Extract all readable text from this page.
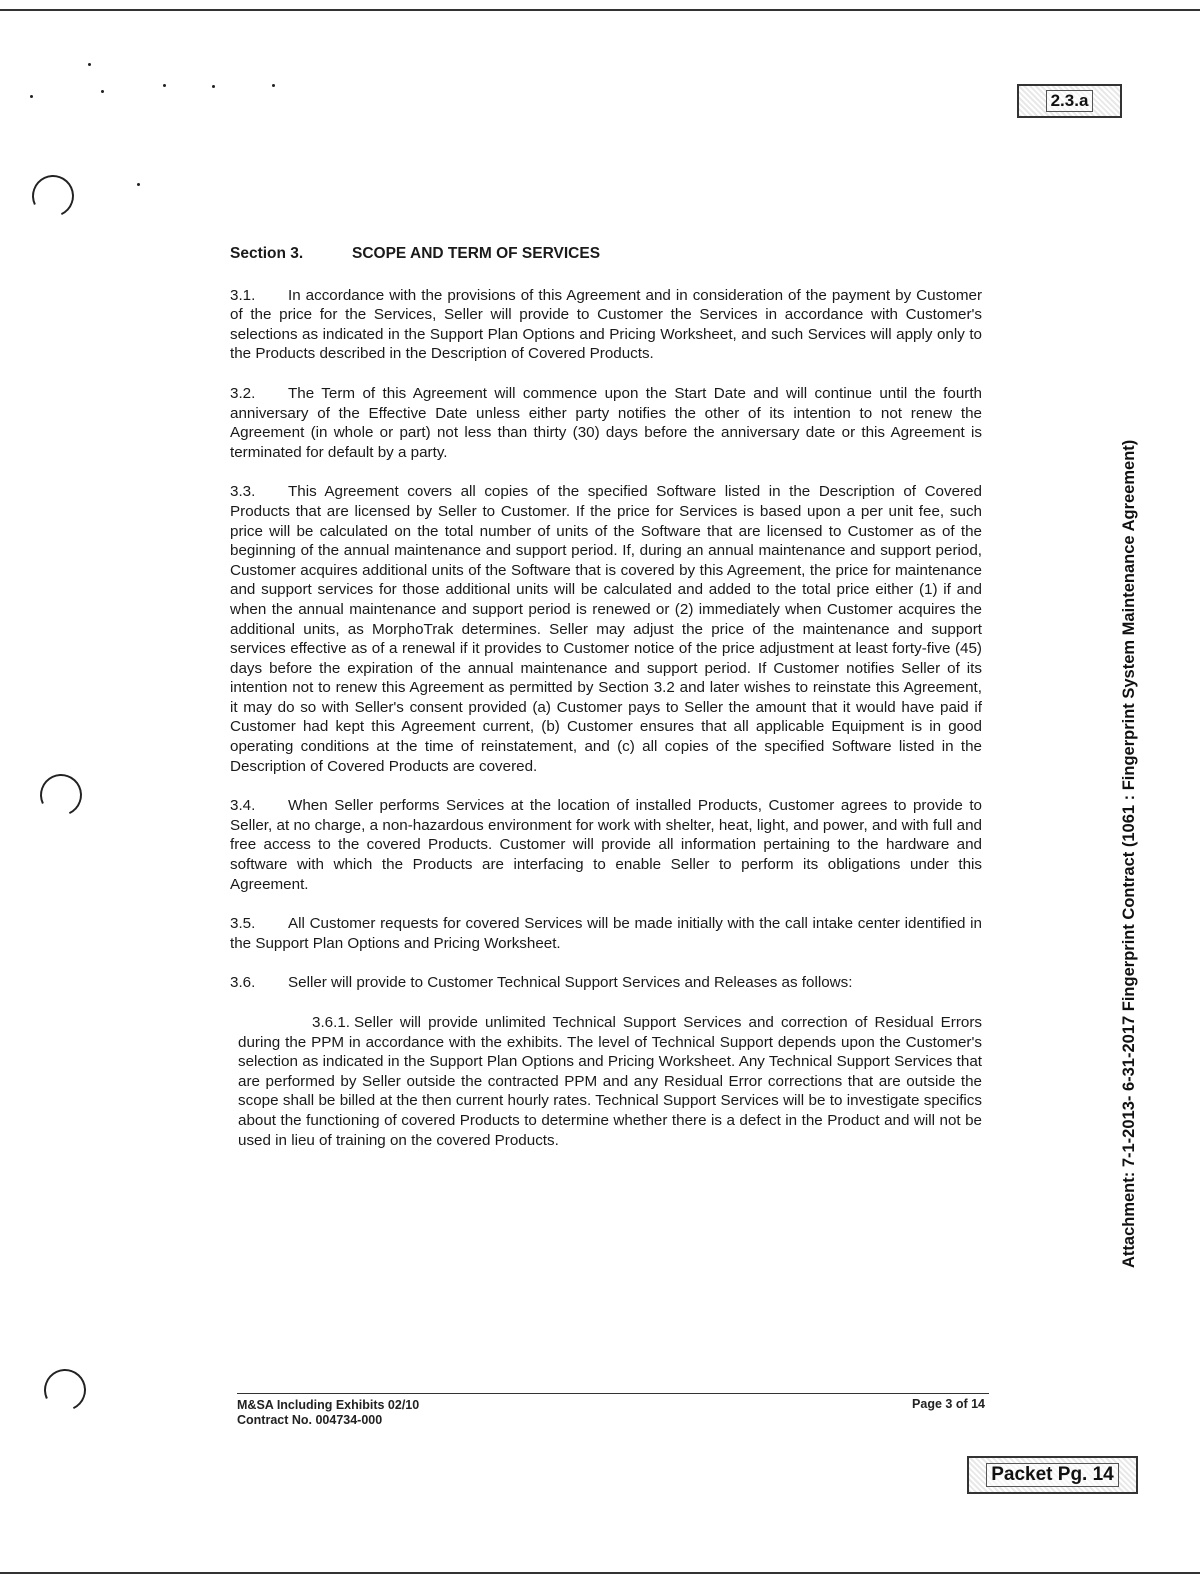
2.3.a
Packet Pg. 14
Attachment: 7-1-2013- 6-31-2017 Fingerprint Contract (1061 : Fingerprint System Maintenance Agreement)
Section 3.	SCOPE AND TERM OF SERVICES

3.1. In accordance with the provisions of this Agreement and in consideration of the payment by Customer of the price for the Services, Seller will provide to Customer the Services in accordance with Customer's selections as indicated in the Support Plan Options and Pricing Worksheet, and such Services will apply only to the Products described in the Description of Covered Products.

3.2. The Term of this Agreement will commence upon the Start Date and will continue until the fourth anniversary of the Effective Date unless either party notifies the other of its intention to not renew the Agreement (in whole or part) not less than thirty (30) days before the anniversary date or this Agreement is terminated for default by a party.

3.3. This Agreement covers all copies of the specified Software listed in the Description of Covered Products that are licensed by Seller to Customer. If the price for Services is based upon a per unit fee, such price will be calculated on the total number of units of the Software that are licensed to Customer as of the beginning of the annual maintenance and support period. If, during an annual maintenance and support period, Customer acquires additional units of the Software that is covered by this Agreement, the price for maintenance and support services for those additional units will be calculated and added to the total price either (1) if and when the annual maintenance and support period is renewed or (2) immediately when Customer acquires the additional units, as MorphoTrak determines. Seller may adjust the price of the maintenance and support services effective as of a renewal if it provides to Customer notice of the price adjustment at least forty-five (45) days before the expiration of the annual maintenance and support period. If Customer notifies Seller of its intention not to renew this Agreement as permitted by Section 3.2 and later wishes to reinstate this Agreement, it may do so with Seller's consent provided (a) Customer pays to Seller the amount that it would have paid if Customer had kept this Agreement current, (b) Customer ensures that all applicable Equipment is in good operating conditions at the time of reinstatement, and (c) all copies of the specified Software listed in the Description of Covered Products are covered.

3.4. When Seller performs Services at the location of installed Products, Customer agrees to provide to Seller, at no charge, a non-hazardous environment for work with shelter, heat, light, and power, and with full and free access to the covered Products. Customer will provide all information pertaining to the hardware and software with which the Products are interfacing to enable Seller to perform its obligations under this Agreement.

3.5. All Customer requests for covered Services will be made initially with the call intake center identified in the Support Plan Options and Pricing Worksheet.

3.6. Seller will provide to Customer Technical Support Services and Releases as follows:

3.6.1. Seller will provide unlimited Technical Support Services and correction of Residual Errors during the PPM in accordance with the exhibits. The level of Technical Support depends upon the Customer's selection as indicated in the Support Plan Options and Pricing Worksheet. Any Technical Support Services that are performed by Seller outside the contracted PPM and any Residual Error corrections that are outside the scope shall be billed at the then current hourly rates. Technical Support Services will be to investigate specifics about the functioning of covered Products to determine whether there is a defect in the Product and will not be used in lieu of training on the covered Products.

M&SA Including Exhibits 02/10
Contract No. 004734-000
Page 3 of 14
